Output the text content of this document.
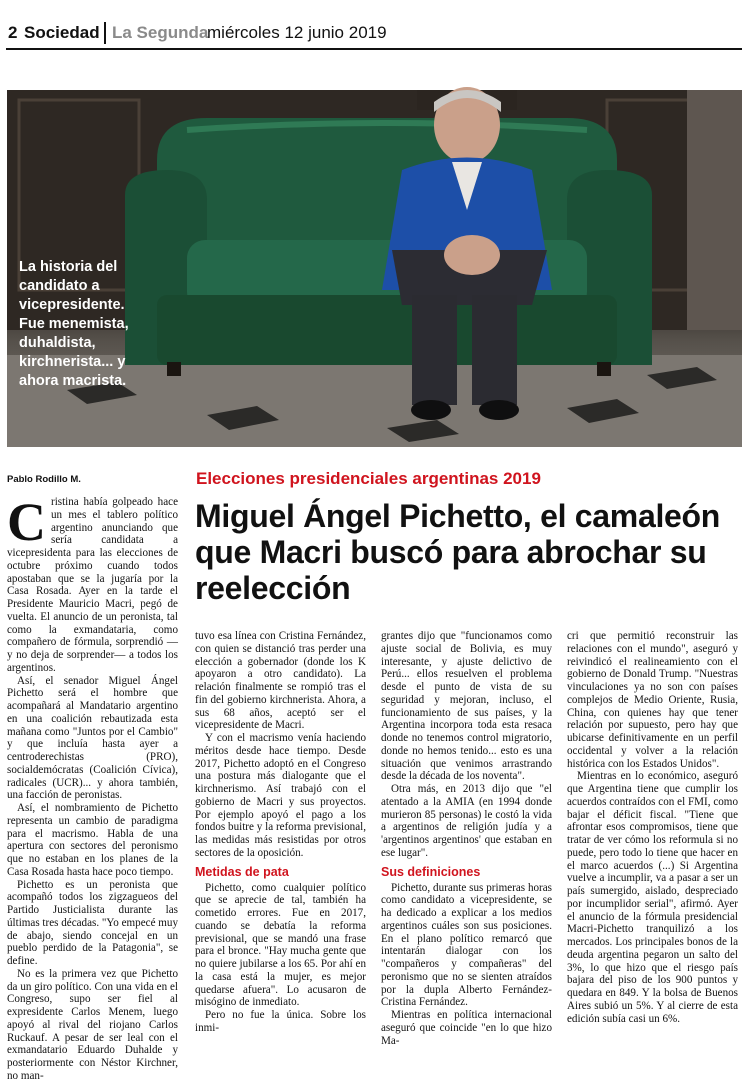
2 Sociedad La Segunda
miércoles 12 junio 2019
La historia del candidato a vicepresidente. Fue menemista, duhaldista, kirchnerista... y ahora macrista.
Pablo Rodillo M.	Elecciones presidenciales argentinas 2019
Miguel Ángel Pichetto, el camaleón que Macri buscó para abrochar su reelección

Cristina había golpeado hace un mes el tablero político argentino anunciando que sería candidata a vicepresidenta para las elecciones de octubre próximo cuando todos apostaban que se la jugaría por la Casa Rosada. Ayer en la tarde el Presidente Mauricio Macri, pegó de vuelta. El anuncio de un peronista, tal como la exmandataria, como compañero de fórmula, sorprendió —y no deja de sorprender— a todos los argentinos.

Así, el senador Miguel Ángel Pichetto será el hombre que acompañará al Mandatario argentino en una coalición rebautizada esta mañana como "Juntos por el Cambio" y que incluía hasta ayer a centroderechistas (PRO), socialdemócratas (Coalición Cívica), radicales (UCR)... y ahora también, una facción de peronistas.

Así, el nombramiento de Pichetto representa un cambio de paradigma para el macrismo. Habla de una apertura con sectores del peronismo que no estaban en los planes de la Casa Rosada hasta hace poco tiempo.

Pichetto es un peronista que acompañó todos los zigzagueos del Partido Justicialista durante las últimas tres décadas. "Yo empecé muy de abajo, siendo concejal en un pueblo perdido de la Patagonia", se define.

No es la primera vez que Pichetto da un giro político. Con una vida en el Congreso, supo ser fiel al expresidente Carlos Menem, luego apoyó al rival del riojano Carlos Ruckauf. A pesar de ser leal con el exmandatario Eduardo Duhalde y posteriormente con Néstor Kirchner, no man-

tuvo esa línea con Cristina Fernández, con quien se distanció tras perder una elección a gobernador (donde los K apoyaron a otro candidato). La relación finalmente se rompió tras el fin del gobierno kirchnerista. Ahora, a sus 68 años, aceptó ser el vicepresidente de Macri.

Y con el macrismo venía haciendo méritos desde hace tiempo. Desde 2017, Pichetto adoptó en el Congreso una postura más dialogante que el kirchnerismo. Así trabajó con el gobierno de Macri y sus proyectos. Por ejemplo apoyó el pago a los fondos buitre y la reforma previsional, las medidas más resistidas por otros sectores de la oposición.

Metidas de pata

Pichetto, como cualquier político que se aprecie de tal, también ha cometido errores. Fue en 2017, cuando se debatía la reforma previsional, que se mandó una frase para el bronce. "Hay mucha gente que no quiere jubilarse a los 65. Por ahí en la casa está la mujer, es mejor quedarse afuera". Lo acusaron de misógino de inmediato.

Pero no fue la única. Sobre los inmi-

grantes dijo que "funcionamos como ajuste social de Bolivia, es muy interesante, y ajuste delictivo de Perú... ellos resuelven el problema desde el punto de vista de su seguridad y mejoran, incluso, el funcionamiento de sus países, y la Argentina incorpora toda esta resaca donde no tenemos control migratorio, donde no hemos tenido... esto es una situación que venimos arrastrando desde la década de los noventa".

Otra más, en 2013 dijo que "el atentado a la AMIA (en 1994 donde murieron 85 personas) le costó la vida a argentinos de religión judía y a 'argentinos argentinos' que estaban en ese lugar".

Sus definiciones

Pichetto, durante sus primeras horas como candidato a vicepresidente, se ha dedicado a explicar a los medios argentinos cuáles son sus posiciones. En el plano político remarcó que intentarán dialogar con los "compañeros y compañeras" del peronismo que no se sienten atraídos por la dupla Alberto Fernández-Cristina Fernández.

Mientras en política internacional aseguró que coincide "en lo que hizo Ma-

cri que permitió reconstruir las relaciones con el mundo", aseguró y reivindicó el realineamiento con el gobierno de Donald Trump. "Nuestras vinculaciones ya no son con países complejos de Medio Oriente, Rusia, China, con quienes hay que tener relación por supuesto, pero hay que ubicarse definitivamente en un perfil occidental y volver a la relación histórica con los Estados Unidos".

Mientras en lo económico, aseguró que Argentina tiene que cumplir los acuerdos contraídos con el FMI, como bajar el déficit fiscal. "Tiene que afrontar esos compromisos, tiene que tratar de ver cómo los reformula si no puede, pero todo lo tiene que hacer en el marco acuerdos (...) Si Argentina vuelve a incumplir, va a pasar a ser un país sumergido, aislado, despreciado por incumplidor serial", afirmó. Ayer el anuncio de la fórmula presidencial Macri-Pichetto tranquilizó a los mercados. Los principales bonos de la deuda argentina pegaron un salto del 3%, lo que hizo que el riesgo país bajara del piso de los 900 puntos y quedara en 849. Y la bolsa de Buenos Aires subió un 5%. Y al cierre de esta edición subía casi un 6%.
